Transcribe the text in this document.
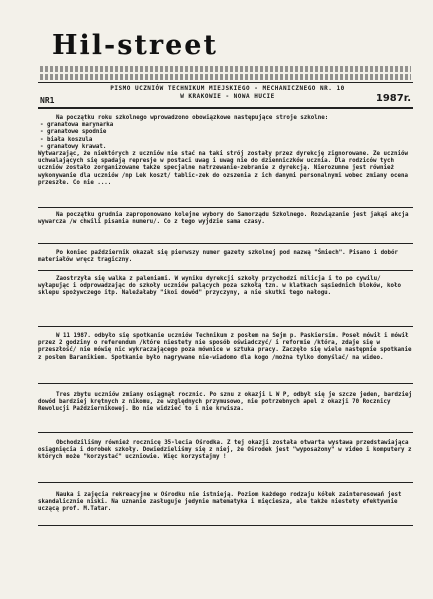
Hil-street
PISMO UCZNIÓW TECHNIKUM MIEJSKIEGO - MECHANICZNEGO NR. 10
W KRAKOWIE - NOWA HUCIE
NR1	1987r.

Na początku roku szkolnego wprowadzono obowiązkowe następujące stroje szkolne:

- granatowa marynarka
- granatowe spodnie
- biała koszula
- granatowy krawat.

Wytwarzając, że niektórych z uczniów nie stać na taki strój zostały przez dyrekcję zignorowane. Ze uczniów uchwalających się spadają represje w postaci uwag i uwag nie do dzienniczków ucznia. Dla rodziców tych uczniów zostało zorganizowane także specjalne natrzewanie-zebranie z dyrekcją. Nierozumne jest również wykonywanie dla uczniów /np Lek koszt/ tablic-zek do ozszenia z ich danymi personalnymi wobec zmiany ocena przeszłe. Co nie ....

Na początku grudnia zaproponowano kolejne wybory do Samorządu Szkolnego. Rozwiązanie jest jakąś akcja wywarcza /w chwili pisania numeru/. Co z tego wyjdzie sama czasy.

Po koniec październik okazał się pierwszy numer gazety szkolnej pod nazwą "Śmiech". Pisano i dobór materiałów wręcz tragiczny.

Zaostrzyła się walka z paleniami. W wyniku dyrekcji szkoły przychodzi milicja i to po cywilu/ wyłapując i odprowadzając do szkoły uczniów palących poza szkołą tzn. w klatkach sąsiednich bloków, koło sklepu spożywczego itp. Naleźałaby "ikoi dowód" przyczyny, a nie skutki tego nałogu.

W 11 1987. odbyło się spotkanie uczniów Technikum z posłem na Sejm p. Paskiersim. Poseł mówił i mówił przez 2 godziny o referendum /które niestety nie sposób oświadczyć/ i reformie /która, zdaje się w przeszłość/ nie mówię nic wykraczającego poza mównice w sztuka pracy. Zaczęło się wiele następnie spotkanie z posłem Baranikiem. Spotkanie było nagrywane nie-wiadomo dla kogo /można tylko domyślać/ na wideo.

Tres zbytu uczniów zmiany osiągnął rocznic. Po sznu z okazji L W P, odbył się je szcze jeden, bardziej dowód bardziej krętnych z nikomu, ze względnych przymusowo, nie potrzebnych apel z okazji 70 Rocznicy Rewolucji Październikowej. Bo nie widzieć to i nie krwisza.

Obchodziliśmy również rocznicę 35-lecia Ośrodka. Z tej okazji została otwarta wystawa przedstawiająca osiągnięcia i dorobek szkoły. Dowiedzieliśmy się z niej, że Ośrodek jest "wyposażony" w video i komputery z których może "korzystać" uczniowie. Więc korzystajmy !

Nauka i zajęcia rekreacyjne w Ośrodku nie istnieją. Poziom każdego rodzaju kółek zainteresowań jest skandalicznie niski. Na uznanie zasługuje jedynie matematyka i mięciesza, ale także niestety efektywnie uczącą prof. M.Tatar.
